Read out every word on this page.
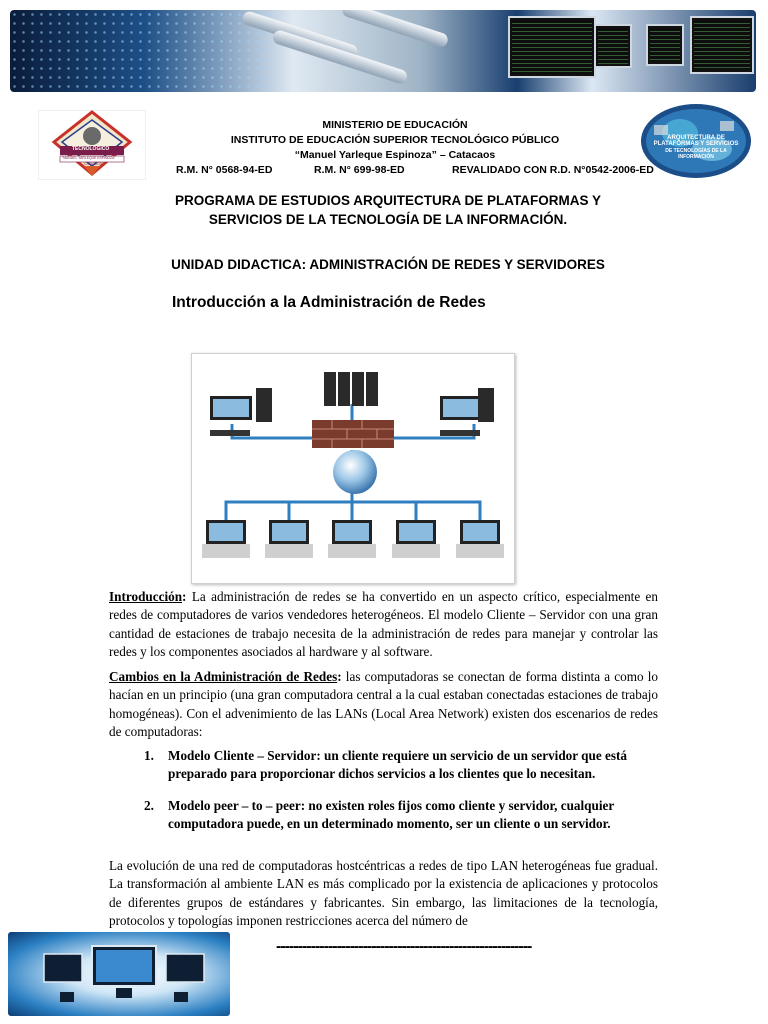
TECNOLÓGICO
"MANUEL YARLEQUE ESPINOZA"
CATACAOS
MINISTERIO DE EDUCACIÓN
INSTITUTO DE EDUCACIÓN SUPERIOR TECNOLÓGICO PÚBLICO
“Manuel Yarleque Espinoza” – Catacaos
R.M. N° 0568-94-ED	R.M. N° 699-98-ED	REVALIDADO CON R.D. N°0542-2006-ED
ARQUITECTURA DE PLATAFORMAS Y SERVICIOS
DE TECNOLOGÍAS DE LA INFORMACIÓN
PROGRAMA DE ESTUDIOS ARQUITECTURA DE PLATAFORMAS Y
SERVICIOS DE LA TECNOLOGÍA DE LA INFORMACIÓN.
UNIDAD DIDACTICA: ADMINISTRACIÓN DE REDES Y SERVIDORES
Introducción a la Administración de Redes
Introducción: La administración de redes se ha convertido en un aspecto crítico, especialmente en redes de computadores de varios vendedores heterogéneos. El modelo Cliente – Servidor con una gran cantidad de estaciones de trabajo necesita de la administración de redes para manejar y controlar las redes y los componentes asociados al hardware y al software.
Cambios en la Administración de Redes: las computadoras se conectan de forma distinta a como lo hacían en un principio (una gran computadora central a la cual estaban conectadas estaciones de trabajo homogéneas). Con el advenimiento de las LANs (Local Area Network) existen dos escenarios de redes de computadoras:
1. Modelo Cliente – Servidor: un cliente requiere un servicio de un servidor que está preparado para proporcionar dichos servicios a los clientes que lo necesitan.
2. Modelo peer – to – peer: no existen roles fijos como cliente y servidor, cualquier computadora puede, en un determinado momento, ser un cliente o un servidor.
La evolución de una red de computadoras hostcéntricas a redes de tipo LAN heterogéneas fue gradual. La transformación al ambiente LAN es más complicado por la existencia de aplicaciones y protocolos de diferentes grupos de estándares y fabricantes. Sin embargo, las limitaciones de la tecnología, protocolos y topologías imponen restricciones acerca del número de
-----------------------------------------------------------
